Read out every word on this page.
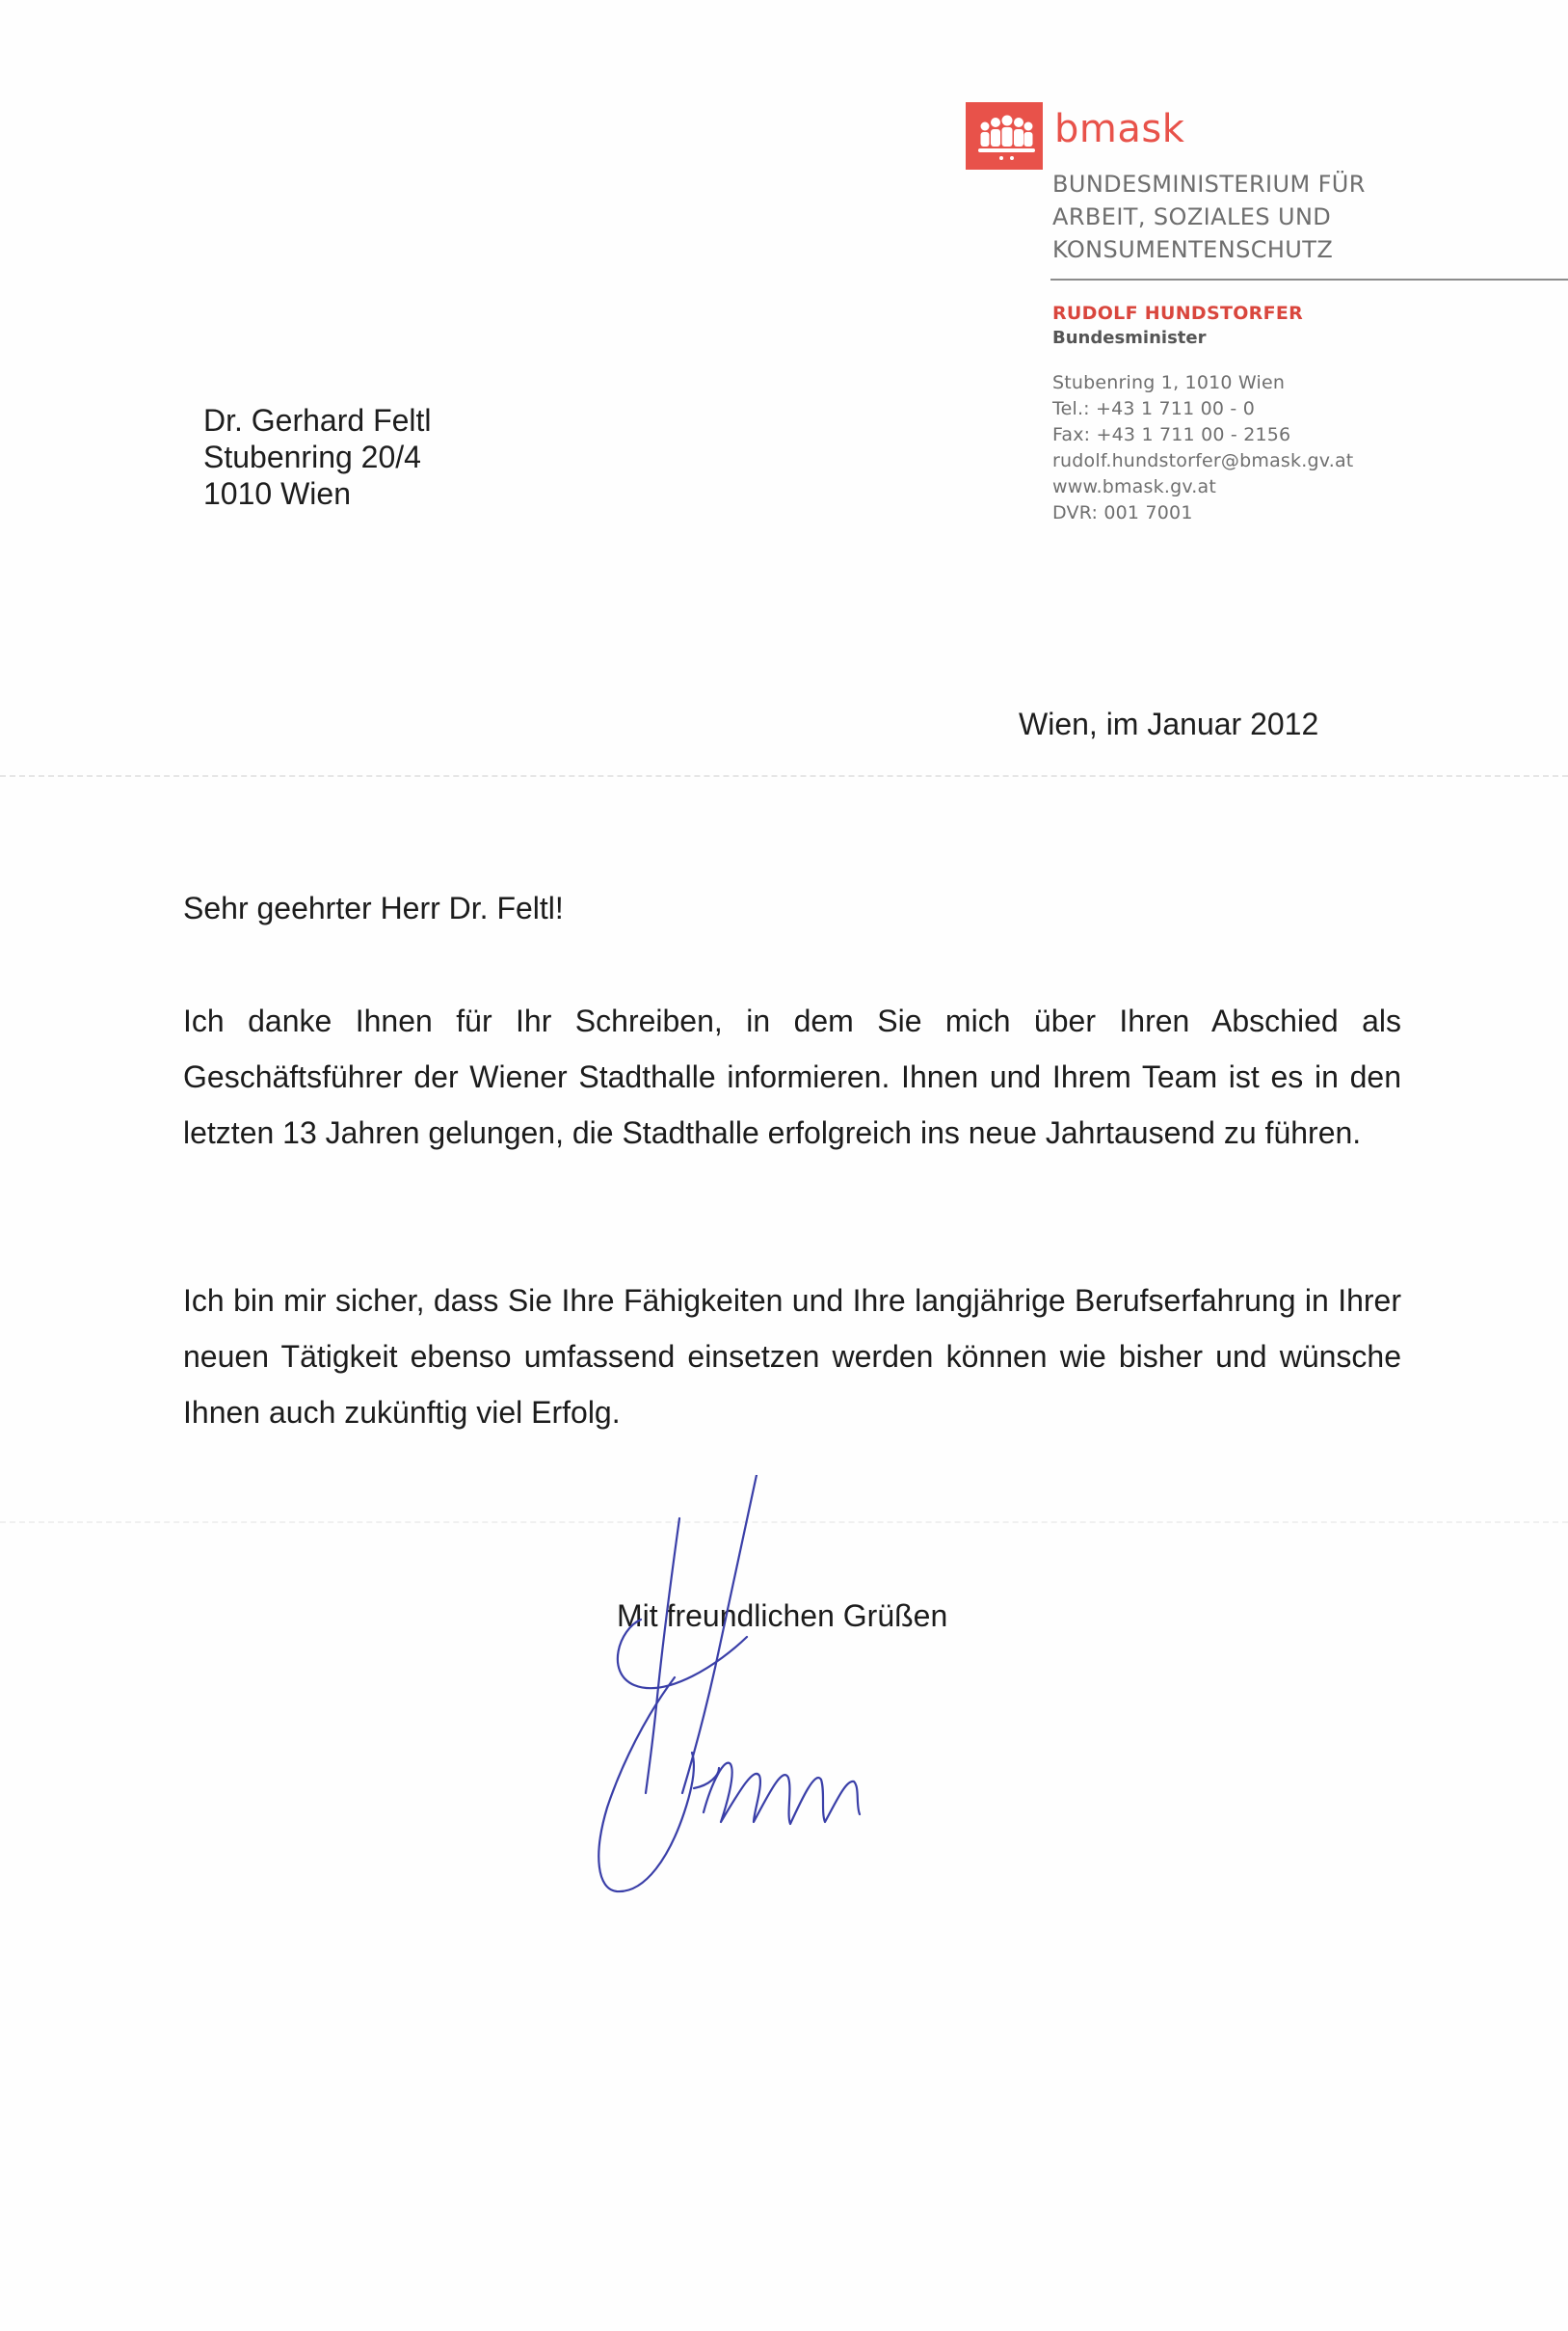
bmask
BUNDESMINISTERIUM FÜR
ARBEIT, SOZIALES UND
KONSUMENTENSCHUTZ
RUDOLF HUNDSTORFER
Bundesminister
Stubenring 1, 1010 Wien
Tel.: +43 1 711 00 - 0
Fax: +43 1 711 00 - 2156
rudolf.hundstorfer@bmask.gv.at
www.bmask.gv.at
DVR: 001 7001
Dr. Gerhard Feltl
Stubenring 20/4
1010 Wien
Wien, im Januar 2012
Sehr geehrter Herr Dr. Feltl!
Ich danke Ihnen für Ihr Schreiben, in dem Sie mich über Ihren Abschied als Geschäftsführer der Wiener Stadthalle informieren. Ihnen und Ihrem Team ist es in den letzten 13 Jahren gelungen, die Stadthalle erfolgreich ins neue Jahrtausend zu führen.
Ich bin mir sicher, dass Sie Ihre Fähigkeiten und Ihre langjährige Berufserfahrung in Ihrer neuen Tätigkeit ebenso umfassend einsetzen werden können wie bisher und wünsche Ihnen auch zukünftig viel Erfolg.
Mit freundlichen Grüßen
